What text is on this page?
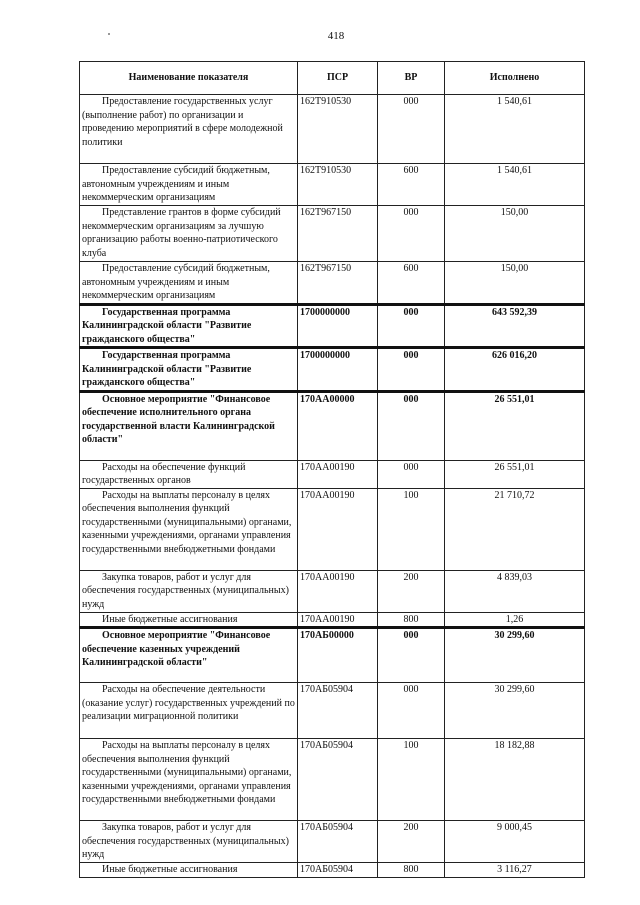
418
Наименование показателя	ПСР	ВР	Исполнено
Предоставление государственных услуг (выполнение работ) по организации и проведению мероприятий в сфере молодежной политики	162T910530	000	1 540,61
Предоставление субсидий бюджетным, автономным учреждениям и иным некоммерческим организациям	162T910530	600	1 540,61
Представление грантов в форме субсидий некоммерческим организациям за лучшую организацию работы военно-патриотического клуба	162T967150	000	150,00
Предоставление субсидий бюджетным, автономным учреждениям и иным некоммерческим организациям	162T967150	600	150,00
Государственная программа Калининградской области "Развитие гражданского общества"	1700000000	000	643 592,39
Государственная программа Калининградской области "Развитие гражданского общества"	1700000000	000	626 016,20
Основное мероприятие "Финансовое обеспечение исполнительного органа государственной власти Калининградской области"	170АА00000	000	26 551,01
Расходы на обеспечение функций государственных органов	170АА00190	000	26 551,01
Расходы на выплаты персоналу в целях обеспечения выполнения функций государственными (муниципальными) органами, казенными учреждениями, органами управления государственными внебюджетными фондами	170АА00190	100	21 710,72
Закупка товаров, работ и услуг для обеспечения государственных (муниципальных) нужд	170АА00190	200	4 839,03
Иные бюджетные ассигнования	170АА00190	800	1,26
Основное мероприятие "Финансовое обеспечение казенных учреждений Калининградской области"	170АБ00000	000	30 299,60
Расходы на обеспечение деятельности (оказание услуг) государственных учреждений по реализации миграционной политики	170АБ05904	000	30 299,60
Расходы на выплаты персоналу в целях обеспечения выполнения функций государственными (муниципальными) органами, казенными учреждениями, органами управления государственными внебюджетными фондами	170АБ05904	100	18 182,88
Закупка товаров, работ и услуг для обеспечения государственных (муниципальных) нужд	170АБ05904	200	9 000,45
Иные бюджетные ассигнования	170АБ05904	800	3 116,27
